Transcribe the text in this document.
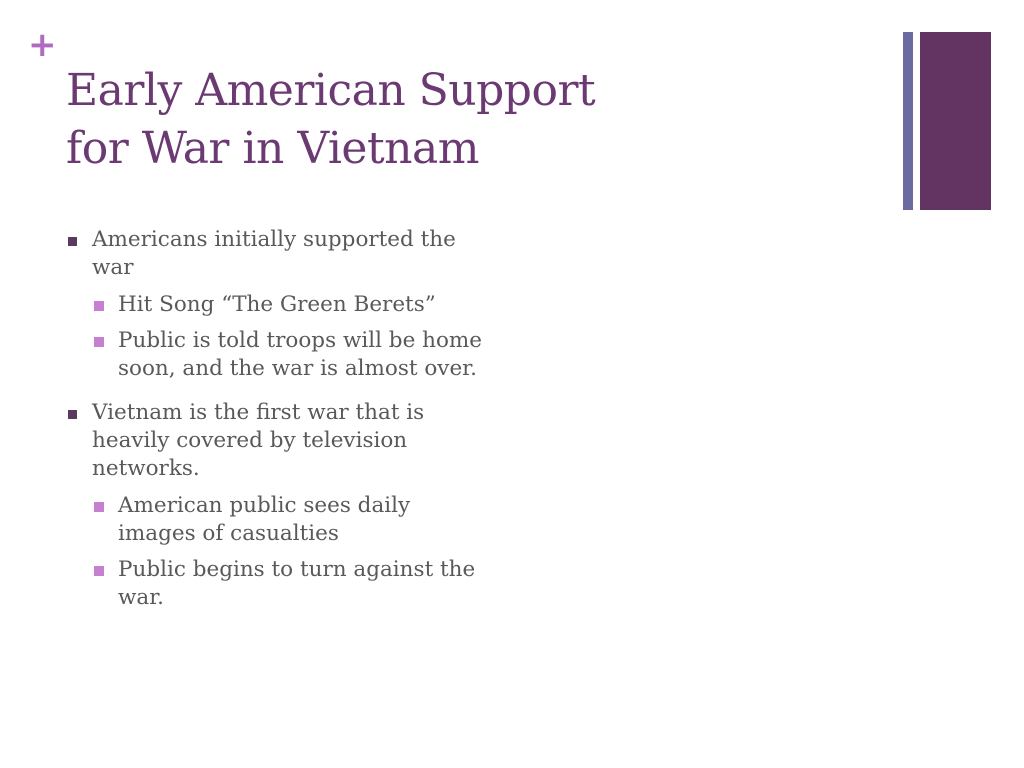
+
Early American Support
for War in Vietnam
Americans initially supported the war
Hit Song “The Green Berets”
Public is told troops will be home soon, and the war is almost over.
Vietnam is the first war that is heavily covered by television networks.
American public sees daily images of casualties
Public begins to turn against the war.
